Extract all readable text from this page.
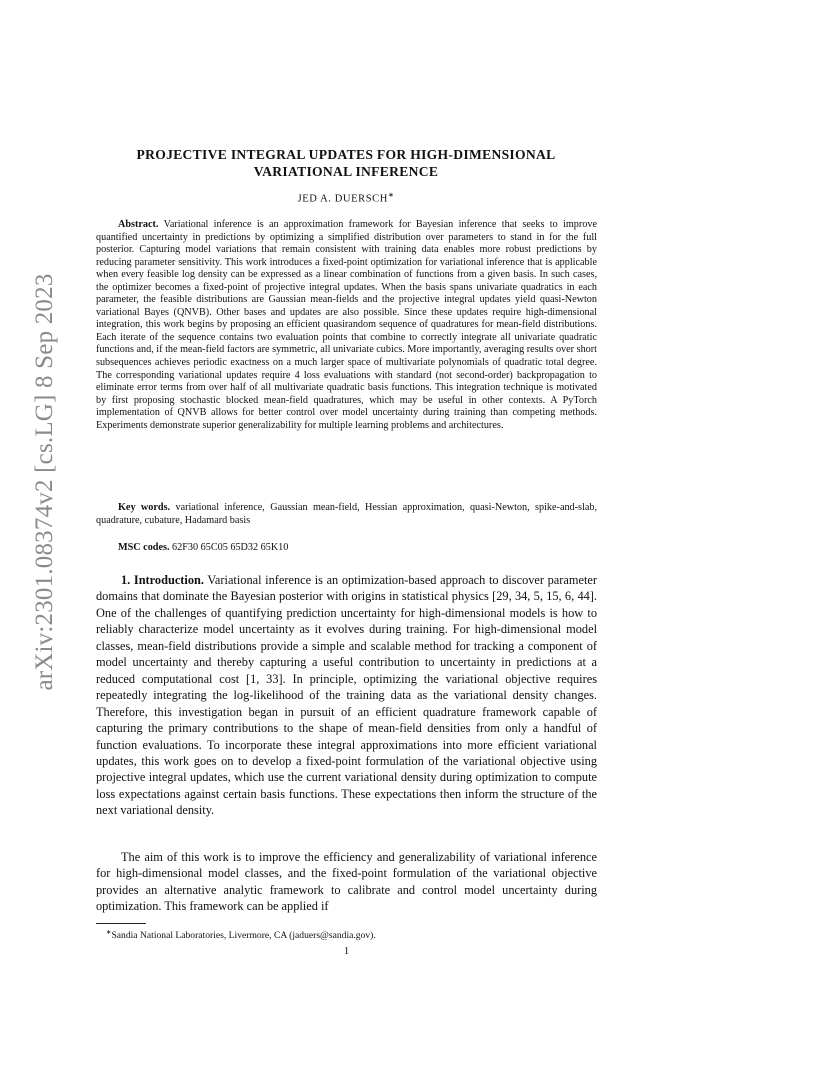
arXiv:2301.08374v2 [cs.LG] 8 Sep 2023
PROJECTIVE INTEGRAL UPDATES FOR HIGH-DIMENSIONAL
VARIATIONAL INFERENCE
JED A. DUERSCH∗

Abstract. Variational inference is an approximation framework for Bayesian inference that seeks to improve quantified uncertainty in predictions by optimizing a simplified distribution over parameters to stand in for the full posterior. Capturing model variations that remain consistent with training data enables more robust predictions by reducing parameter sensitivity. This work introduces a fixed-point optimization for variational inference that is applicable when every feasible log density can be expressed as a linear combination of functions from a given basis. In such cases, the optimizer becomes a fixed-point of projective integral updates. When the basis spans univariate quadratics in each parameter, the feasible distributions are Gaussian mean-fields and the projective integral updates yield quasi-Newton variational Bayes (QNVB). Other bases and updates are also possible. Since these updates require high-dimensional integration, this work begins by proposing an efficient quasirandom sequence of quadratures for mean-field distributions. Each iterate of the sequence contains two evaluation points that combine to correctly integrate all univariate quadratic functions and, if the mean-field factors are symmetric, all univariate cubics. More importantly, averaging results over short subsequences achieves periodic exactness on a much larger space of multivariate polynomials of quadratic total degree. The corresponding variational updates require 4 loss evaluations with standard (not second-order) backpropagation to eliminate error terms from over half of all multivariate quadratic basis functions. This integration technique is motivated by first proposing stochastic blocked mean-field quadratures, which may be useful in other contexts. A PyTorch implementation of QNVB allows for better control over model uncertainty during training than competing methods. Experiments demonstrate superior generalizability for multiple learning problems and architectures.

Key words. variational inference, Gaussian mean-field, Hessian approximation, quasi-Newton, spike-and-slab, quadrature, cubature, Hadamard basis

MSC codes. 62F30 65C05 65D32 65K10

1. Introduction. Variational inference is an optimization-based approach to discover parameter domains that dominate the Bayesian posterior with origins in statistical physics [29, 34, 5, 15, 6, 44]. One of the challenges of quantifying prediction uncertainty for high-dimensional models is how to reliably characterize model uncertainty as it evolves during training. For high-dimensional model classes, mean-field distributions provide a simple and scalable method for tracking a component of model uncertainty and thereby capturing a useful contribution to uncertainty in predictions at a reduced computational cost [1, 33]. In principle, optimizing the variational objective requires repeatedly integrating the log-likelihood of the training data as the variational density changes. Therefore, this investigation began in pursuit of an efficient quadrature framework capable of capturing the primary contributions to the shape of mean-field densities from only a handful of function evaluations. To incorporate these integral approximations into more efficient variational updates, this work goes on to develop a fixed-point formulation of the variational objective using projective integral updates, which use the current variational density during optimization to compute loss expectations against certain basis functions. These expectations then inform the structure of the next variational density.

The aim of this work is to improve the efficiency and generalizability of variational inference for high-dimensional model classes, and the fixed-point formulation of the variational objective provides an alternative analytic framework to calibrate and control model uncertainty during optimization. This framework can be applied if

∗Sandia National Laboratories, Livermore, CA (jaduers@sandia.gov).

1
